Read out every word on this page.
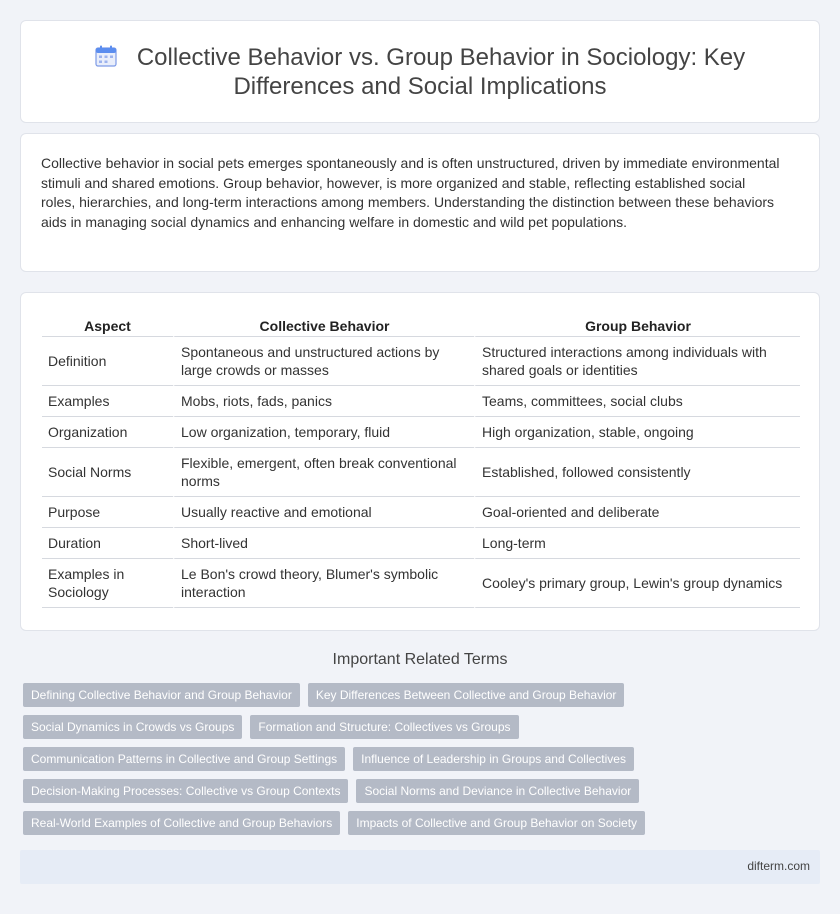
Collective Behavior vs. Group Behavior in Sociology: Key
Differences and Social Implications

Collective behavior in social pets emerges spontaneously and is often unstructured, driven by immediate environmental stimuli and shared emotions. Group behavior, however, is more organized and stable, reflecting established social roles, hierarchies, and long-term interactions among members. Understanding the distinction between these behaviors aids in managing social dynamics and enhancing welfare in domestic and wild pet populations.

Aspect	Collective Behavior	Group Behavior
Definition	Spontaneous and unstructured actions by large crowds or masses	Structured interactions among individuals with shared goals or identities
Examples	Mobs, riots, fads, panics	Teams, committees, social clubs
Organization	Low organization, temporary, fluid	High organization, stable, ongoing
Social Norms	Flexible, emergent, often break conventional norms	Established, followed consistently
Purpose	Usually reactive and emotional	Goal-oriented and deliberate
Duration	Short-lived	Long-term
Examples in Sociology	Le Bon's crowd theory, Blumer's symbolic interaction	Cooley's primary group, Lewin's group dynamics
Important Related Terms
Defining Collective Behavior and Group Behavior	Key Differences Between Collective and Group Behavior
Social Dynamics in Crowds vs Groups	Formation and Structure: Collectives vs Groups
Communication Patterns in Collective and Group Settings	Influence of Leadership in Groups and Collectives
Decision-Making Processes: Collective vs Group Contexts	Social Norms and Deviance in Collective Behavior
Real-World Examples of Collective and Group Behaviors	Impacts of Collective and Group Behavior on Society
difterm.com
